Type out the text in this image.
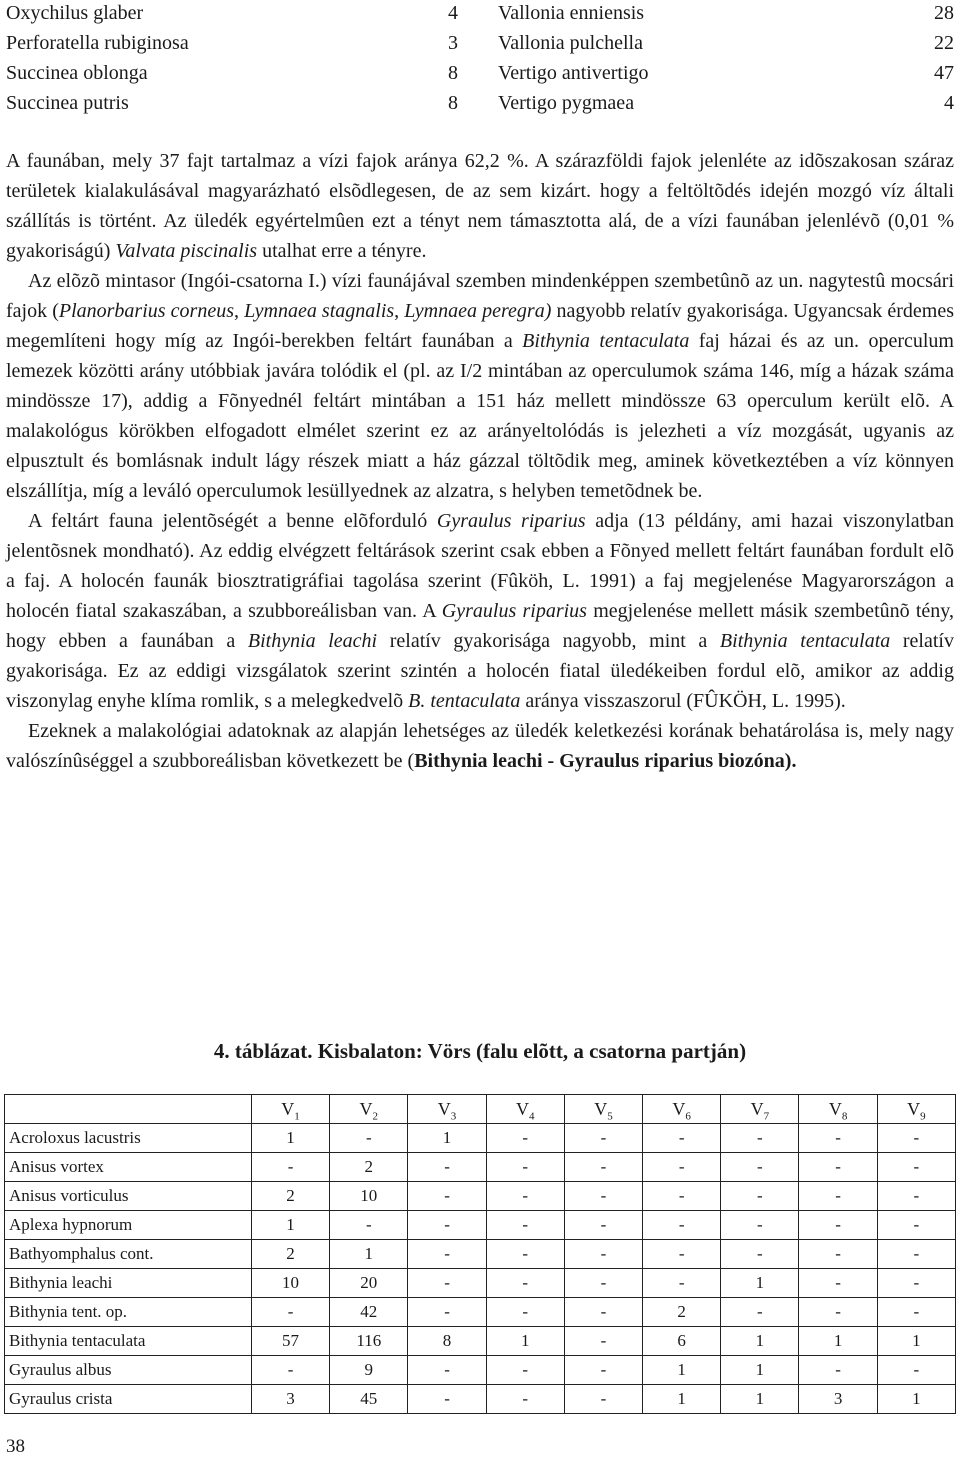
Oxychilus glaber	4 Vallonia enniensis	28
Perforatella rubiginosa	3 Vallonia pulchella	22
Succinea oblonga	8 Vertigo antivertigo	47
Succinea putris	8 Vertigo pygmaea	4

A faunában, mely 37 fajt tartalmaz a vízi fajok aránya 62,2 %. A szárazföldi fajok jelenléte az idõszakosan száraz területek kialakulásával magyarázható elsõdlegesen, de az sem kizárt. hogy a feltöltõdés idején mozgó víz általi szállítás is történt. Az üledék egyértelmûen ezt a tényt nem támasztotta alá, de a vízi faunában jelenlévõ (0,01 % gyakoriságú) Valvata piscinalis utalhat erre a tényre.

Az elõzõ mintasor (Ingói-csatorna I.) vízi faunájával szemben mindenképpen szembetûnõ az un. nagytestû mocsári fajok (Planorbarius corneus, Lymnaea stagnalis, Lymnaea peregra) nagyobb relatív gyakorisága. Ugyancsak érdemes megemlíteni hogy míg az Ingói-berekben feltárt faunában a Bithynia tentaculata faj házai és az un. operculum lemezek közötti arány utóbbiak javára tolódik el (pl. az I/2 mintában az operculumok száma 146, míg a házak száma mindössze 17), addig a Fõnyednél feltárt mintában a 151 ház mellett mindössze 63 operculum került elõ. A malakológus körökben elfogadott elmélet szerint ez az arányeltolódás is jelezheti a víz mozgását, ugyanis az elpusztult és bomlásnak indult lágy részek miatt a ház gázzal töltõdik meg, aminek következtében a víz könnyen elszállítja, míg a leváló operculumok lesüllyednek az alzatra, s helyben temetõdnek be.

A feltárt fauna jelentõségét a benne elõforduló Gyraulus riparius adja (13 példány, ami hazai viszonylatban jelentõsnek mondható). Az eddig elvégzett feltárások szerint csak ebben a Fõnyed mellett feltárt faunában fordult elõ a faj. A holocén faunák biosztratigráfiai tagolása szerint (Fûköh, L. 1991) a faj megjelenése Magyarországon a holocén fiatal szakaszában, a szubboreálisban van. A Gyraulus riparius megjelenése mellett másik szembetûnõ tény, hogy ebben a faunában a Bithynia leachi relatív gyakorisága nagyobb, mint a Bithynia tentaculata relatív gyakorisága. Ez az eddigi vizsgálatok szerint szintén a holocén fiatal üledékeiben fordul elõ, amikor az addig viszonylag enyhe klíma romlik, s a melegkedvelõ B. tentaculata aránya visszaszorul (FÛKÖH, L. 1995).

Ezeknek a malakológiai adatoknak az alapján lehetséges az üledék keletkezési korának behatárolása is, mely nagy valószínûséggel a szubboreálisban következett be (Bithynia leachi - Gyraulus riparius biozóna).

4. táblázat. Kisbalaton: Vörs (falu elõtt, a csatorna partján)
	$V_1$	$V_2$	$V_3$	$V_4$	$V_5$	$V_6$	$V_7$	$V_8$	$V_9$
Acroloxus lacustris	1	-	1	-	-	-	-	-	-
Anisus vortex	-	2	-	-	-	-	-	-	-
Anisus vorticulus	2	10	-	-	-	-	-	-	-
Aplexa hypnorum	1	-	-	-	-	-	-	-	-
Bathyomphalus cont.	2	1	-	-	-	-	-	-	-
Bithynia leachi	10	20	-	-	-	-	1	-	-
Bithynia tent. op.	-	42	-	-	-	2	-	-	-
Bithynia tentaculata	57	116	8	1	-	6	1	1	1
Gyraulus albus	-	9	-	-	-	1	1	-	-
Gyraulus crista	3	45	-	-	-	1	1	3	1
38
